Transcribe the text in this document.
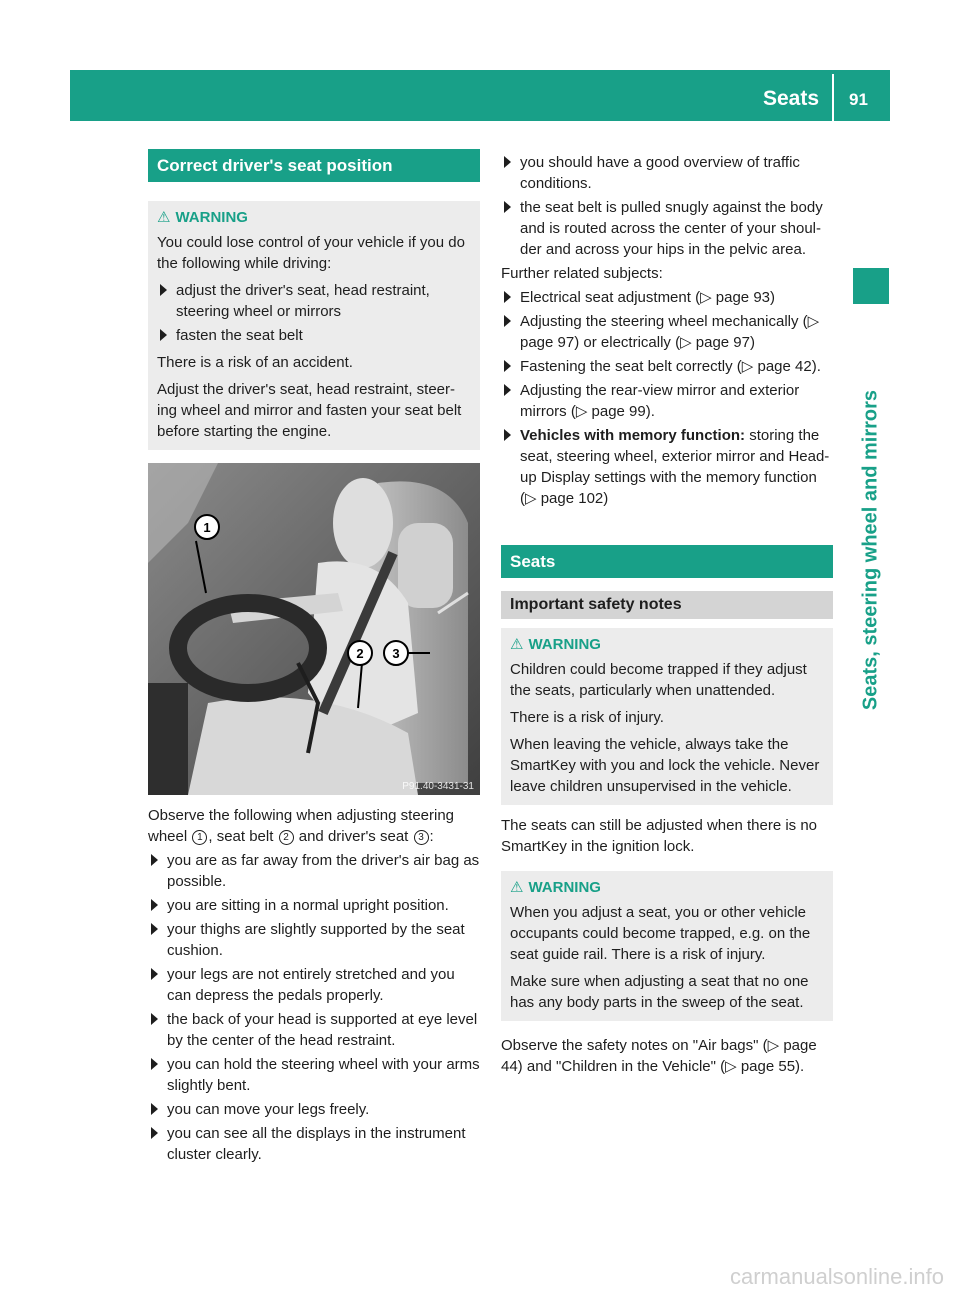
Seats 91
Seats, steering wheel and mirrors
Correct driver's seat position
⚠ WARNING

You could lose control of your vehicle if you do the following while driving:

adjust the driver's seat, head restraint, steering wheel or mirrors
fasten the seat belt

There is a risk of an accident.

Adjust the driver's seat, head restraint, steer-ing wheel and mirror and fasten your seat belt before starting the engine.

1
2 3
P91.40-3431-31

Observe the following when adjusting steering wheel 1 , seat belt 2 and driver's seat 3 :

you are as far away from the driver's air bag as possible.
you are sitting in a normal upright position.
your thighs are slightly supported by the seat cushion.
your legs are not entirely stretched and you can depress the pedals properly.
the back of your head is supported at eye level by the center of the head restraint.
you can hold the steering wheel with your arms slightly bent.
you can move your legs freely.
you can see all the displays in the instrument cluster clearly.
you should have a good overview of traffic conditions.
the seat belt is pulled snugly against the body and is routed across the center of your shoul-der and across your hips in the pelvic area.

Further related subjects:

Electrical seat adjustment (▷ page 93)
Adjusting the steering wheel mechanically (▷ page 97) or electrically (▷ page 97)
Fastening the seat belt correctly (▷ page 42).
Adjusting the rear-view mirror and exterior mirrors (▷ page 99).
Vehicles with memory function: storing the seat, steering wheel, exterior mirror and Head-up Display settings with the memory function (▷ page 102)
Seats
Important safety notes
⚠ WARNING

Children could become trapped if they adjust the seats, particularly when unattended.

There is a risk of injury.

When leaving the vehicle, always take the SmartKey with you and lock the vehicle. Never leave children unsupervised in the vehicle.

The seats can still be adjusted when there is no SmartKey in the ignition lock.

⚠ WARNING

When you adjust a seat, you or other vehicle occupants could become trapped, e.g. on the seat guide rail. There is a risk of injury.

Make sure when adjusting a seat that no one has any body parts in the sweep of the seat.

Observe the safety notes on "Air bags" (▷ page 44) and "Children in the Vehicle" (▷ page 55).

carmanualsonline.info
